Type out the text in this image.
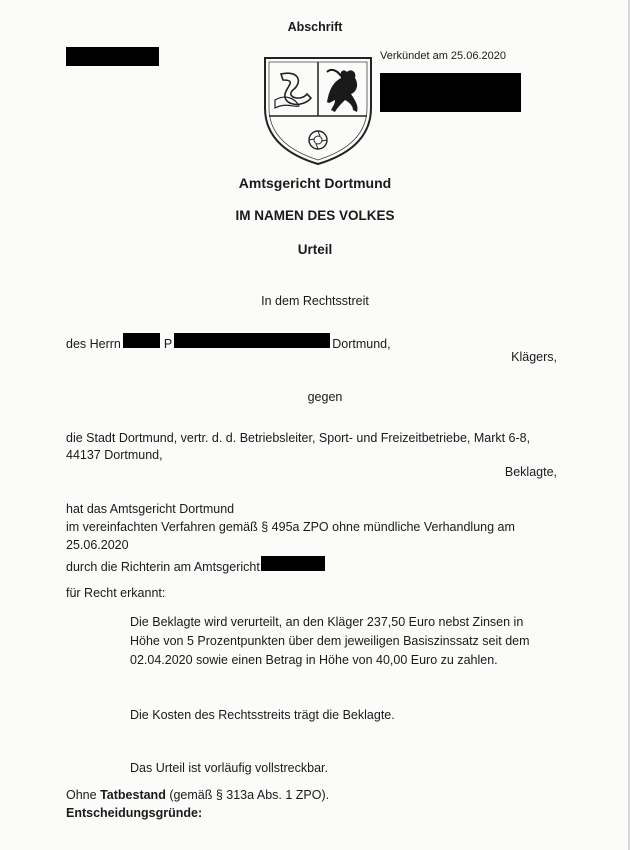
Abschrift
Verkündet am 25.06.2020
Amtsgericht Dortmund
IM NAMEN DES VOLKES
Urteil
In dem Rechtsstreit
des Herrn	P	Dortmund,
Klägers,
gegen
die Stadt Dortmund, vertr. d. d. Betriebsleiter, Sport- und Freizeitbetriebe, Markt 6-8,
44137 Dortmund,
Beklagte,
hat das Amtsgericht Dortmund
im vereinfachten Verfahren gemäß § 495a ZPO ohne mündliche Verhandlung am
25.06.2020
durch die Richterin am Amtsgericht
für Recht erkannt:
Die Beklagte wird verurteilt, an den Kläger 237,50 Euro nebst Zinsen in
Höhe von 5 Prozentpunkten über dem jeweiligen Basiszinssatz seit dem
02.04.2020 sowie einen Betrag in Höhe von 40,00 Euro zu zahlen.
Die Kosten des Rechtsstreits trägt die Beklagte.
Das Urteil ist vorläufig vollstreckbar.
Ohne Tatbestand (gemäß § 313a Abs. 1 ZPO).
Entscheidungsgründe:
